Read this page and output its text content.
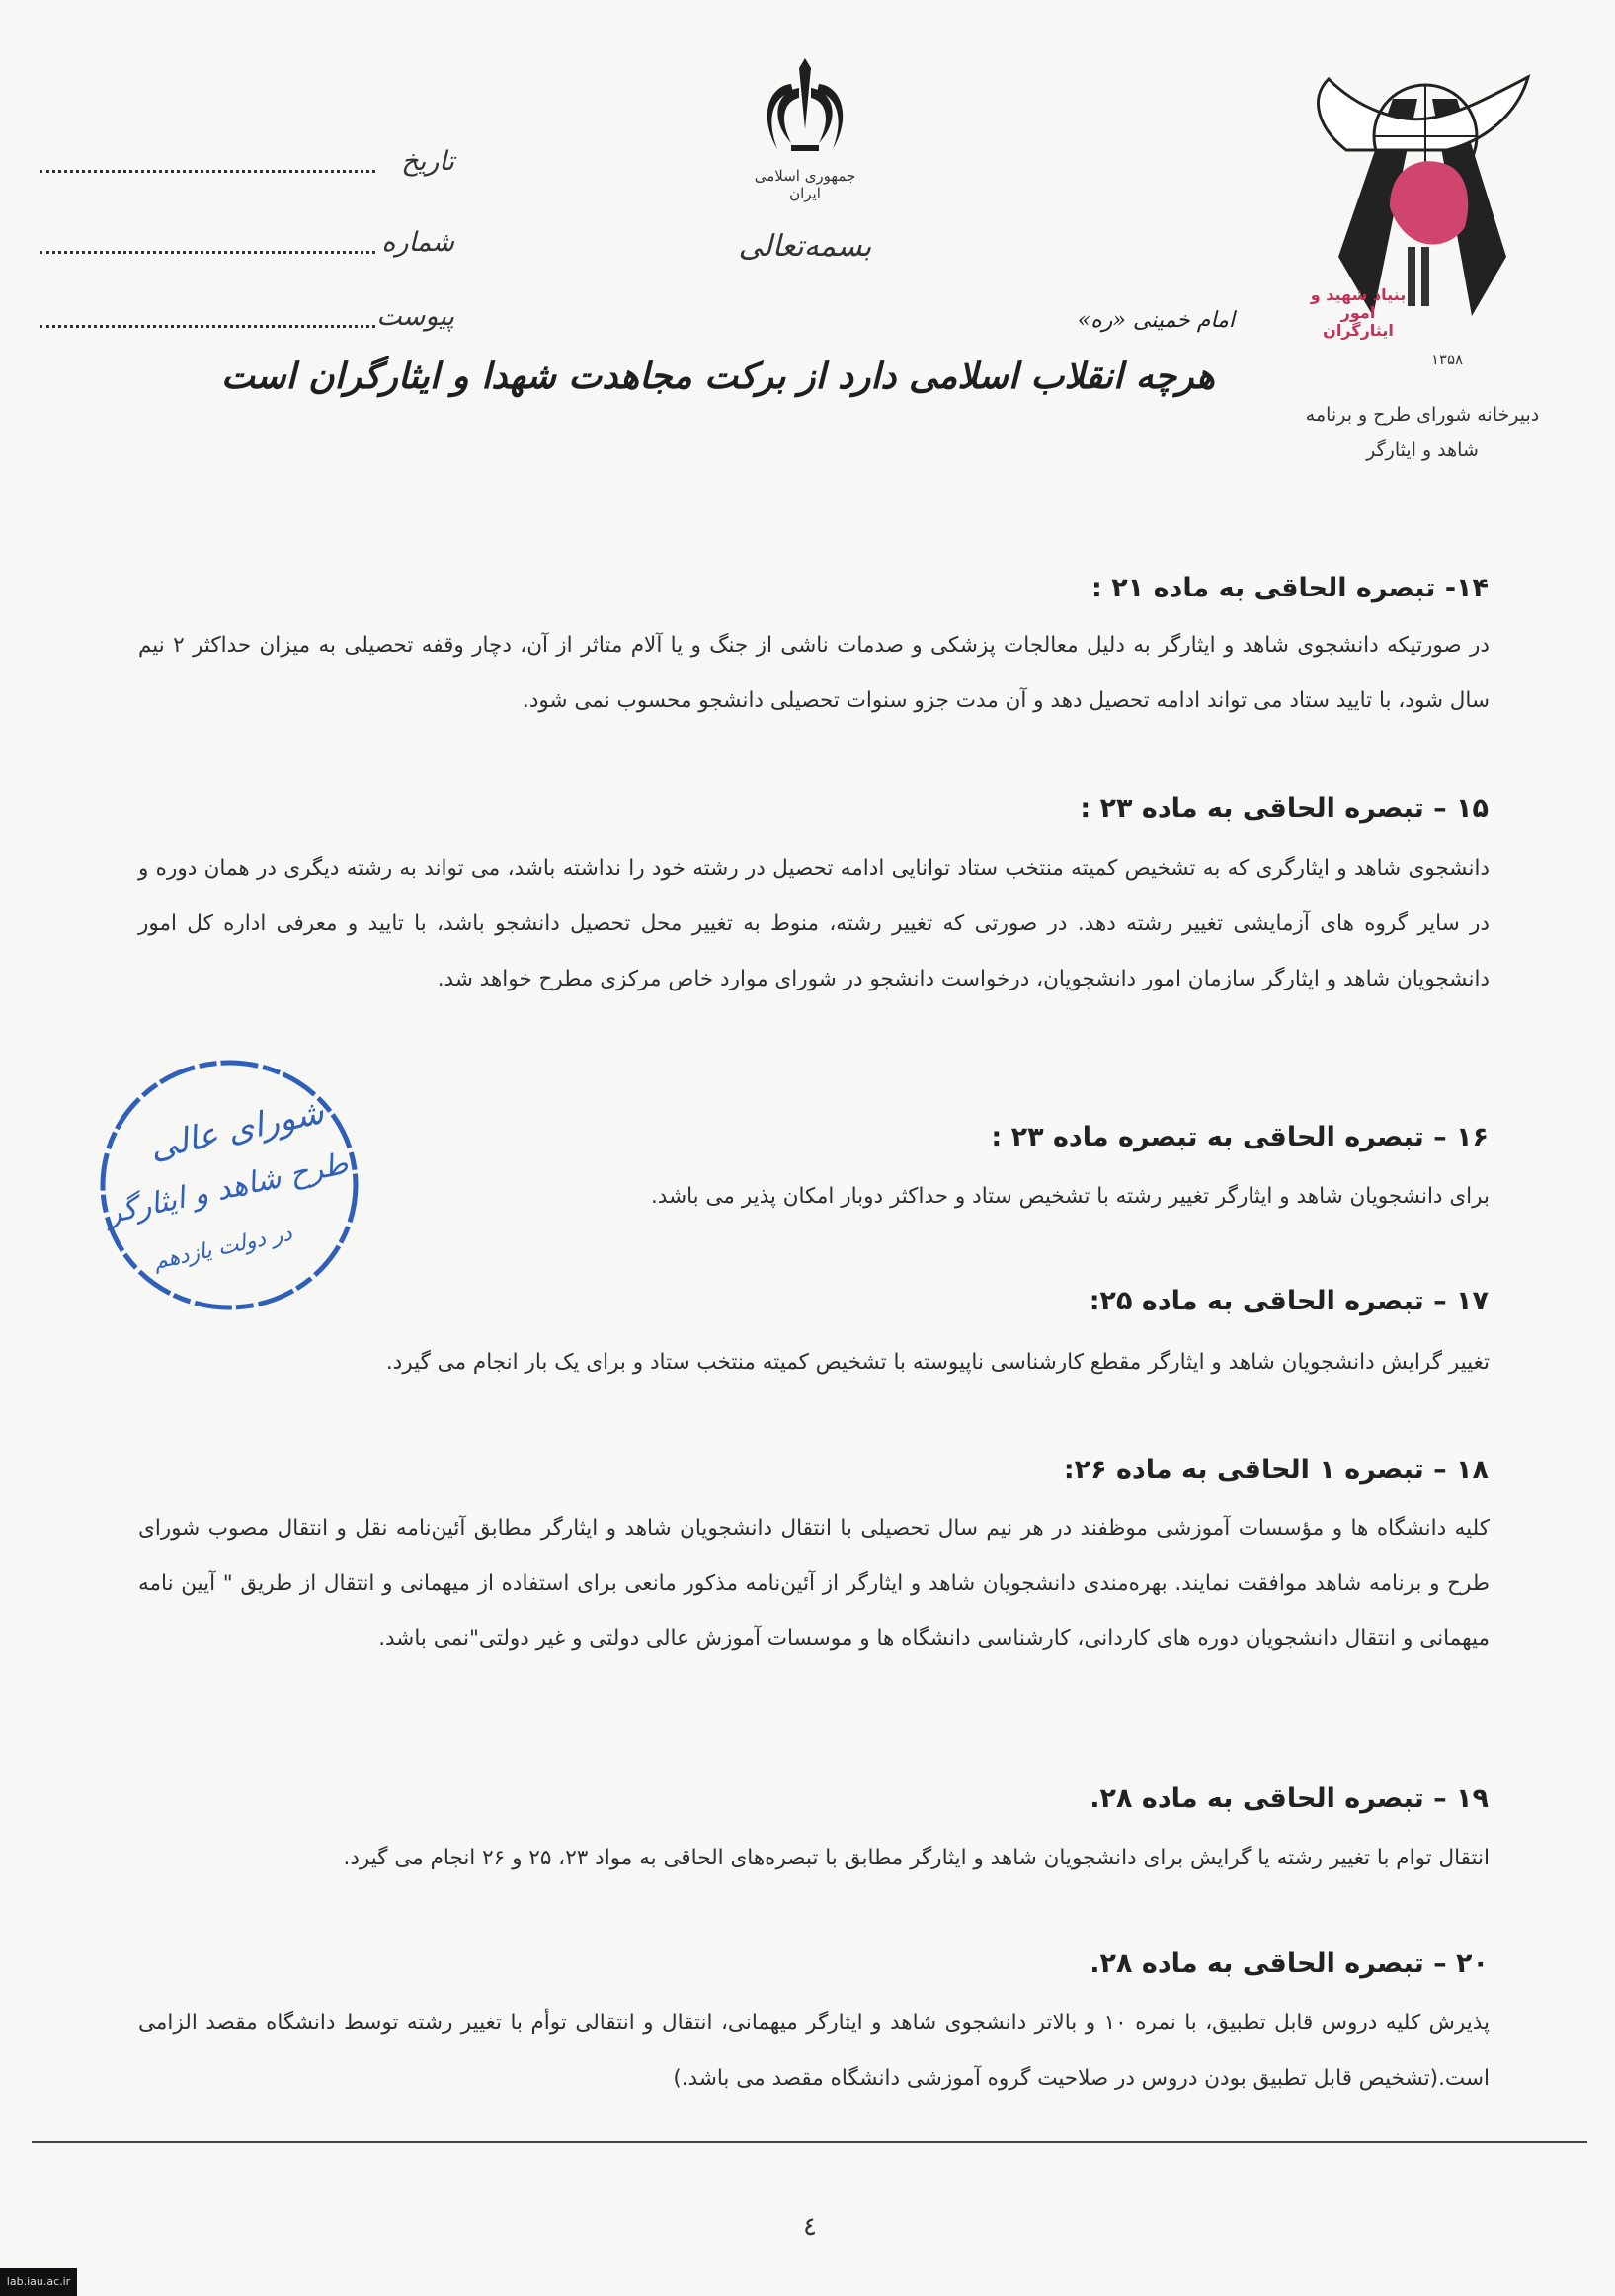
جمهوری اسلامی ایران
بسمه‌تعالی
تاریخ
شماره
پیوست
بنیاد شهید و امور ایثارگران
۱۳۵۸
دبیرخانه شورای طرح و برنامه
شاهد و ایثارگر
امام خمینی «ره»
هرچه انقلاب اسلامی دارد از برکت مجاهدت شهدا و ایثارگران است
۱۴- تبصره الحاقی به ماده ۲۱ :
در صورتیکه دانشجوی شاهد و ایثارگر به دلیل معالجات پزشکی و صدمات ناشی از جنگ و یا آلام متاثر از آن، دچار وقفه تحصیلی به میزان حداکثر ۲ نیم سال شود، با تایید ستاد می تواند ادامه تحصیل دهد و آن مدت جزو سنوات تحصیلی دانشجو محسوب نمی شود.
۱۵ – تبصره الحاقی به ماده ۲۳ :
دانشجوی شاهد و ایثارگری که به تشخیص کمیته منتخب ستاد توانایی ادامه تحصیل در رشته خود را نداشته باشد، می تواند به رشته دیگری در همان دوره و در سایر گروه های آزمایشی تغییر رشته دهد. در صورتی که تغییر رشته، منوط به تغییر محل تحصیل دانشجو باشد، با تایید و معرفی اداره کل امور دانشجویان شاهد و ایثارگر سازمان امور دانشجویان، درخواست دانشجو در شورای موارد خاص مرکزی مطرح خواهد شد.
۱۶ – تبصره الحاقی به تبصره ماده ۲۳ :
برای دانشجویان شاهد و ایثارگر تغییر رشته با تشخیص ستاد و حداکثر دوبار امکان پذیر می باشد.
۱۷ – تبصره الحاقی به ماده ۲۵:
تغییر گرایش دانشجویان شاهد و ایثارگر مقطع کارشناسی ناپیوسته با تشخیص کمیته منتخب ستاد و برای یک بار انجام می گیرد.
۱۸ – تبصره ۱ الحاقی به ماده ۲۶:
کلیه دانشگاه ها و مؤسسات آموزشی موظفند در هر نیم سال تحصیلی با انتقال دانشجویان شاهد و ایثارگر مطابق آئین‌نامه نقل و انتقال مصوب شورای طرح و برنامه شاهد موافقت نمایند. بهره‌مندی دانشجویان شاهد و ایثارگر از آئین‌نامه مذکور مانعی برای استفاده از میهمانی و انتقال از طریق " آیین نامه میهمانی و انتقال دانشجویان دوره های کاردانی، کارشناسی دانشگاه ها و موسسات آموزش عالی دولتی و غیر دولتی"نمی باشد.
۱۹ – تبصره الحاقی به ماده ۲۸.
انتقال توام با تغییر رشته یا گرایش برای دانشجویان شاهد و ایثارگر مطابق با تبصره‌های الحاقی به مواد ۲۳، ۲۵ و ۲۶ انجام می گیرد.
۲۰ – تبصره الحاقی به ماده ۲۸.
پذیرش کلیه دروس قابل تطبیق، با نمره ۱۰ و بالاتر دانشجوی شاهد و ایثارگر میهمانی، انتقال و انتقالی توأم با تغییر رشته توسط دانشگاه مقصد الزامی است.(تشخیص قابل تطبیق بودن دروس در صلاحیت گروه آموزشی دانشگاه مقصد می باشد.)
شورای عالی
طرح شاهد و ایثارگر
در دولت یازدهم
٤
lab.iau.ac.ir
